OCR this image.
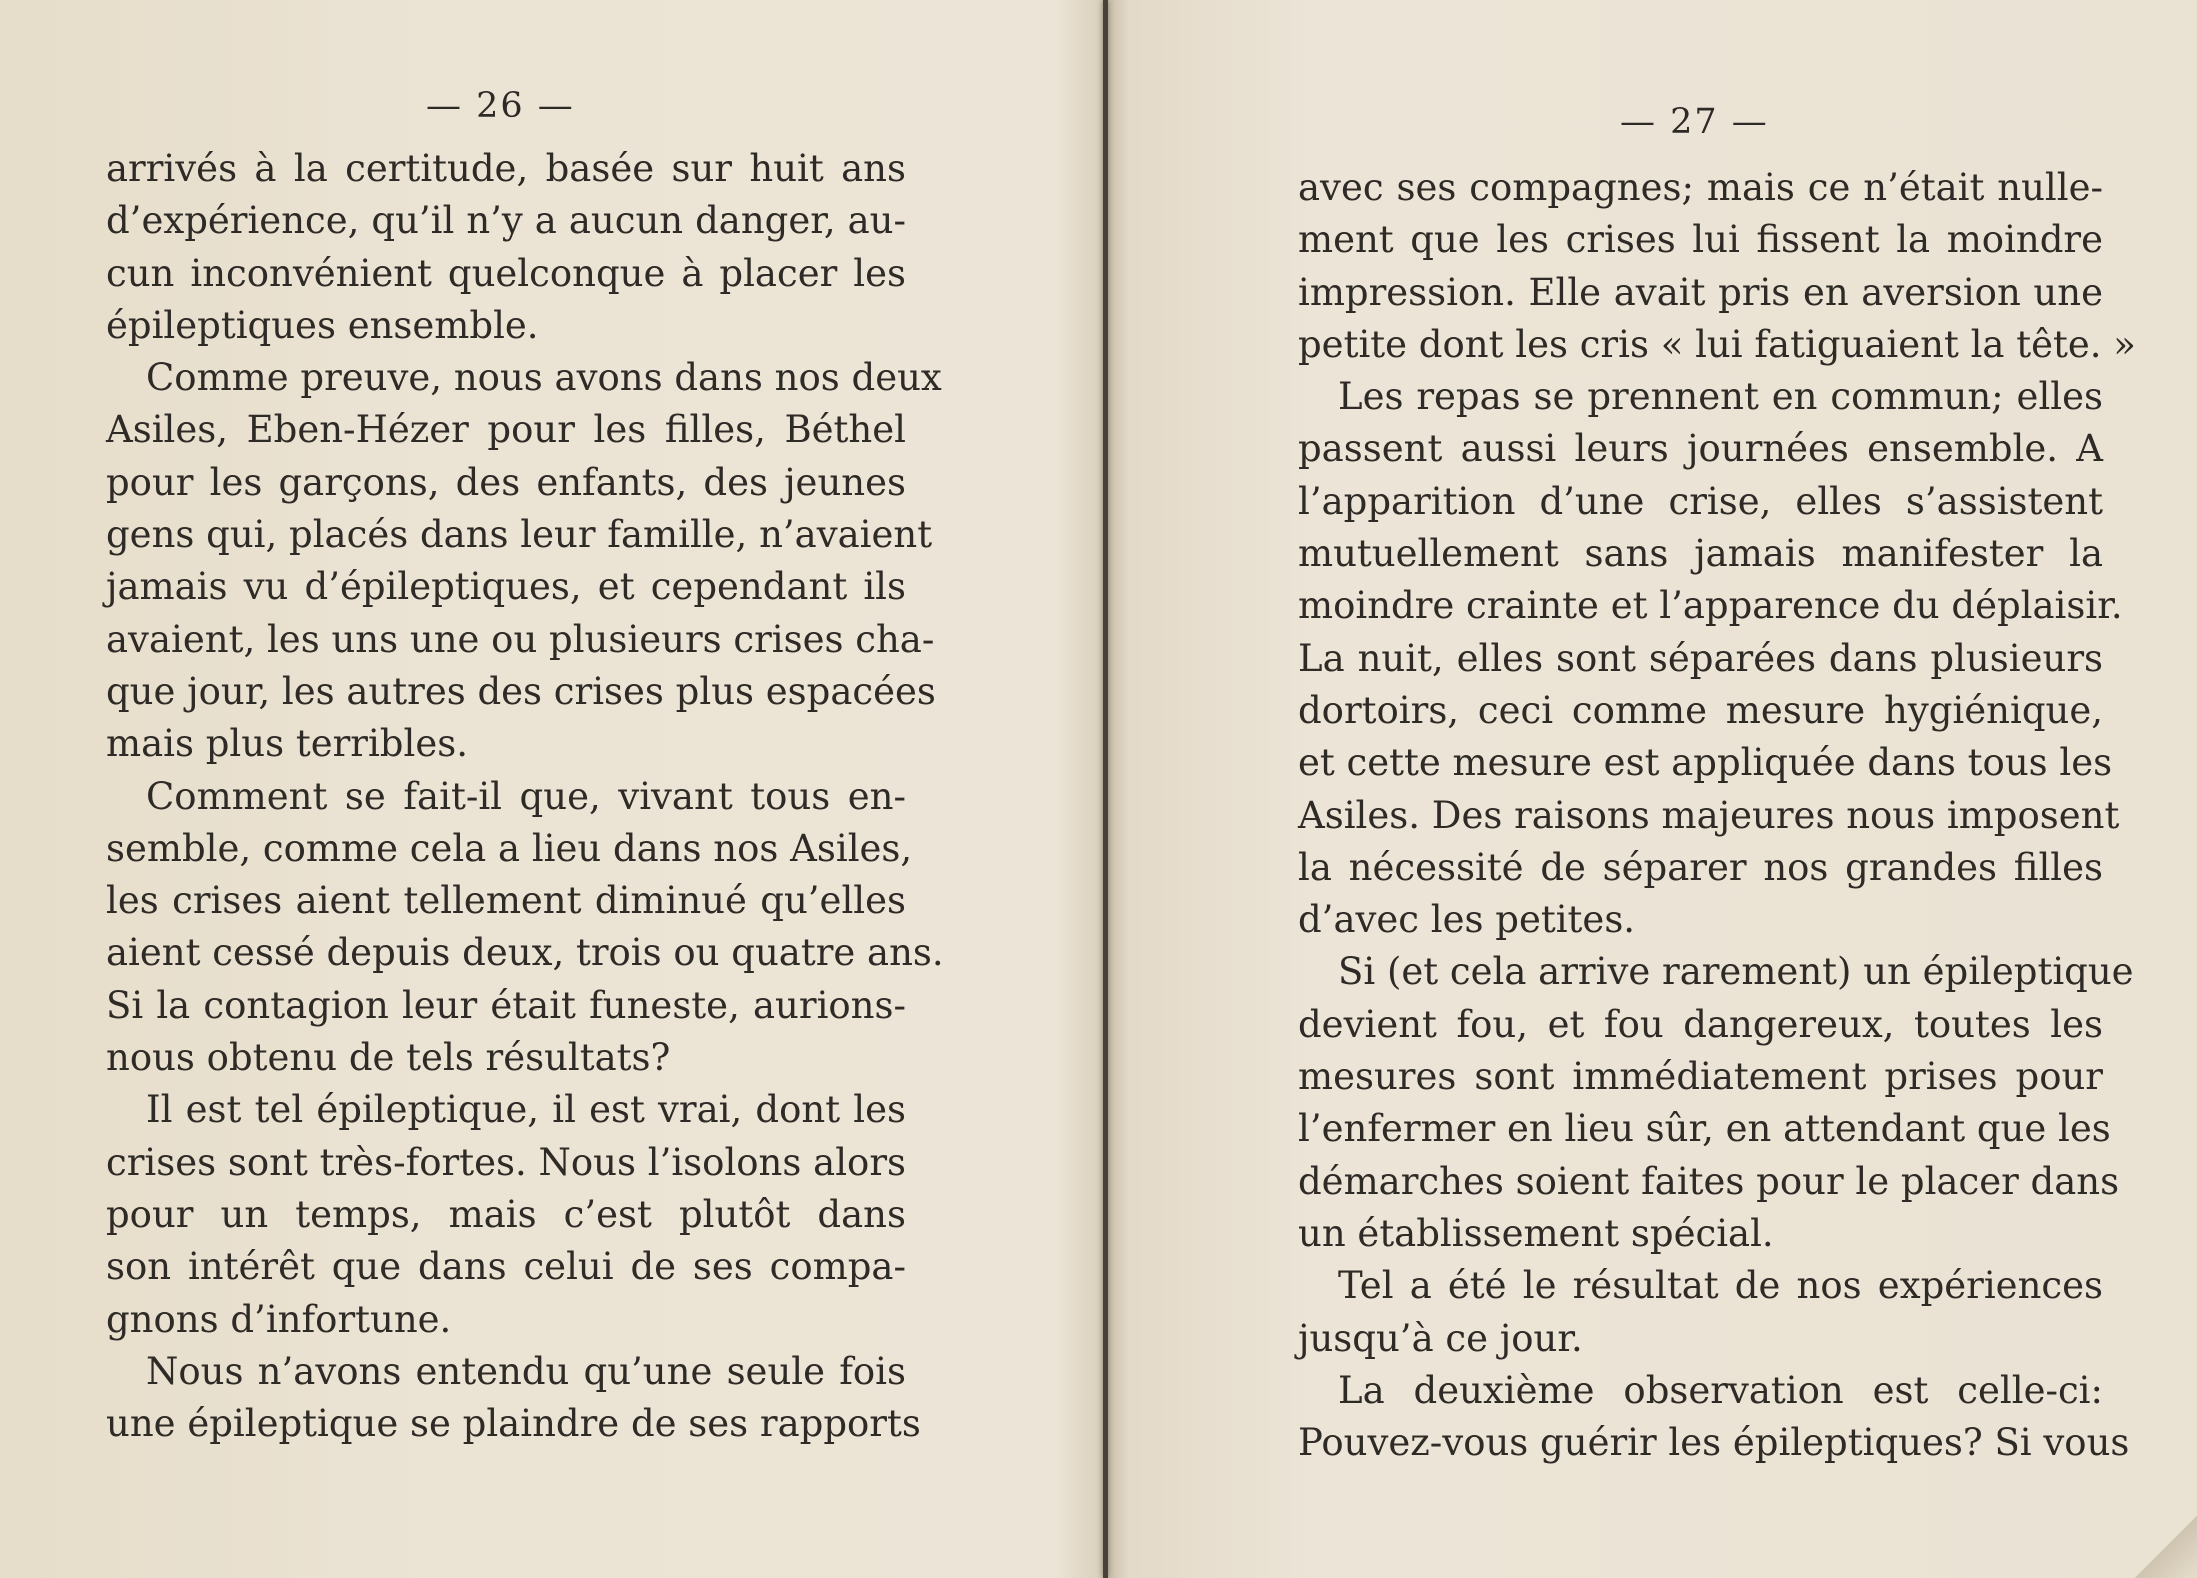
— 26 —
arrivés à la certitude, basée sur huit ans
d’expérience, qu’il n’y a aucun danger, au-
cun inconvénient quelconque à placer les
épileptiques ensemble.
Comme preuve, nous avons dans nos deux
Asiles, Eben-Hézer pour les filles, Béthel
pour les garçons, des enfants, des jeunes
gens qui, placés dans leur famille, n’avaient
jamais vu d’épileptiques, et cependant ils
avaient, les uns une ou plusieurs crises cha-
que jour, les autres des crises plus espacées
mais plus terribles.
Comment se fait-il que, vivant tous en-
semble, comme cela a lieu dans nos Asiles,
les crises aient tellement diminué qu’elles
aient cessé depuis deux, trois ou quatre ans.
Si la contagion leur était funeste, aurions-
nous obtenu de tels résultats?
Il est tel épileptique, il est vrai, dont les
crises sont très-fortes. Nous l’isolons alors
pour un temps, mais c’est plutôt dans
son intérêt que dans celui de ses compa-
gnons d’infortune.
Nous n’avons entendu qu’une seule fois
une épileptique se plaindre de ses rapports
— 27 —
avec ses compagnes; mais ce n’était nulle-
ment que les crises lui fissent la moindre
impression. Elle avait pris en aversion une
petite dont les cris « lui fatiguaient la tête. »
Les repas se prennent en commun; elles
passent aussi leurs journées ensemble. A
l’apparition d’une crise, elles s’assistent
mutuellement sans jamais manifester la
moindre crainte et l’apparence du déplaisir.
La nuit, elles sont séparées dans plusieurs
dortoirs, ceci comme mesure hygiénique,
et cette mesure est appliquée dans tous les
Asiles. Des raisons majeures nous imposent
la nécessité de séparer nos grandes filles
d’avec les petites.
Si (et cela arrive rarement) un épileptique
devient fou, et fou dangereux, toutes les
mesures sont immédiatement prises pour
l’enfermer en lieu sûr, en attendant que les
démarches soient faites pour le placer dans
un établissement spécial.
Tel a été le résultat de nos expériences
jusqu’à ce jour.
La deuxième observation est celle-ci:
Pouvez-vous guérir les épileptiques? Si vous
